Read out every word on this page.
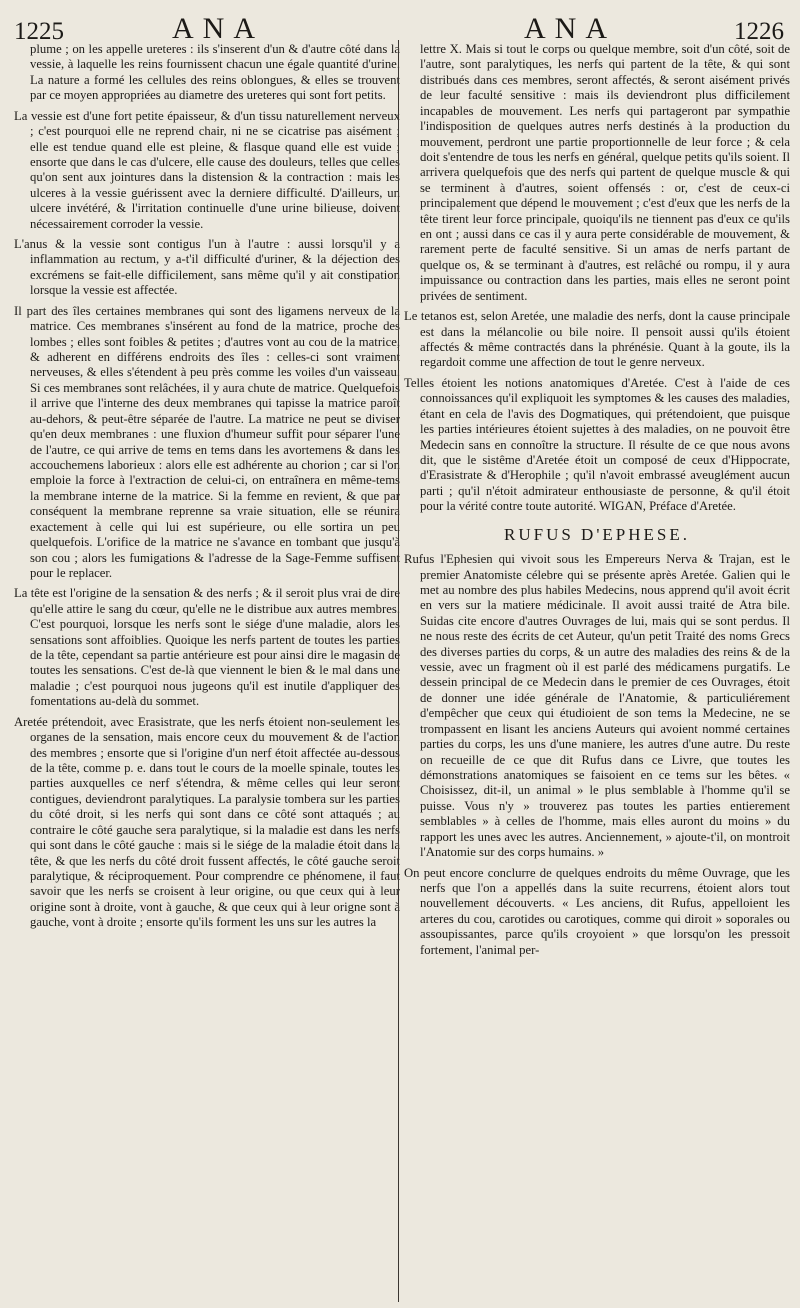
1225	ANA	ANA	1226

plume ; on les appelle ureteres : ils s'inserent d'un & d'autre côté dans la vessie, à laquelle les reins fournissent chacun une égale quantité d'urine. La nature a formé les cellules des reins oblongues, & elles se trouvent par ce moyen appropriées au diametre des ureteres qui sont fort petits.

La vessie est d'une fort petite épaisseur, & d'un tissu naturellement nerveux ; c'est pourquoi elle ne reprend chair, ni ne se cicatrise pas aisément ; elle est tendue quand elle est pleine, & flasque quand elle est vuide ; ensorte que dans le cas d'ulcere, elle cause des douleurs, telles que celles qu'on sent aux jointures dans la distension & la contraction : mais les ulceres à la vessie guérissent avec la derniere difficulté. D'ailleurs, un ulcere invétéré, & l'irritation continuelle d'une urine bilieuse, doivent nécessairement corroder la vessie.

L'anus & la vessie sont contigus l'un à l'autre : aussi lorsqu'il y a inflammation au rectum, y a-t'il difficulté d'uriner, & la déjection des excrémens se fait-elle difficilement, sans même qu'il y ait constipation lorsque la vessie est affectée.

Il part des îles certaines membranes qui sont des ligamens nerveux de la matrice. Ces membranes s'insérent au fond de la matrice, proche des lombes ; elles sont foibles & petites ; d'autres vont au cou de la matrice, & adherent en différens endroits des îles : celles-ci sont vraiment nerveuses, & elles s'étendent à peu près comme les voiles d'un vaisseau. Si ces membranes sont relâchées, il y aura chute de matrice. Quelquefois il arrive que l'interne des deux membranes qui tapisse la matrice paroît au-dehors, & peut-être séparée de l'autre. La matrice ne peut se diviser qu'en deux membranes : une fluxion d'humeur suffit pour séparer l'une de l'autre, ce qui arrive de tems en tems dans les avortemens & dans les accouchemens laborieux : alors elle est adhérente au chorion ; car si l'on emploie la force à l'extraction de celui-ci, on entraînera en même-tems la membrane interne de la matrice. Si la femme en revient, & que par conséquent la membrane reprenne sa vraie situation, elle se réunira exactement à celle qui lui est supérieure, ou elle sortira un peu quelquefois. L'orifice de la matrice ne s'avance en tombant que jusqu'à son cou ; alors les fumigations & l'adresse de la Sage-Femme suffisent pour le replacer.

La tête est l'origine de la sensation & des nerfs ; & il seroit plus vrai de dire qu'elle attire le sang du cœur, qu'elle ne le distribue aux autres membres. C'est pourquoi, lorsque les nerfs sont le siége d'une maladie, alors les sensations sont affoiblies. Quoique les nerfs partent de toutes les parties de la tête, cependant sa partie antérieure est pour ainsi dire le magasin de toutes les sensations. C'est de-là que viennent le bien & le mal dans une maladie ; c'est pourquoi nous jugeons qu'il est inutile d'appliquer des fomentations au-delà du sommet.

Aretée prétendoit, avec Erasistrate, que les nerfs étoient non-seulement les organes de la sensation, mais encore ceux du mouvement & de l'action des membres ; ensorte que si l'origine d'un nerf étoit affectée au-dessous de la tête, comme p. e. dans tout le cours de la moelle spinale, toutes les parties auxquelles ce nerf s'étendra, & même celles qui leur seront contigues, deviendront paralytiques. La paralysie tombera sur les parties du côté droit, si les nerfs qui sont dans ce côté sont attaqués ; au contraire le côté gauche sera paralytique, si la maladie est dans les nerfs qui sont dans le côté gauche : mais si le siége de la maladie étoit dans la tête, & que les nerfs du côté droit fussent affectés, le côté gauche seroit paralytique, & réciproquement. Pour comprendre ce phénomene, il faut savoir que les nerfs se croisent à leur origine, ou que ceux qui à leur origine sont à droite, vont à gauche, & que ceux qui à leur origne sont à gauche, vont à droite ; ensorte qu'ils forment les uns sur les autres la

lettre X. Mais si tout le corps ou quelque membre, soit d'un côté, soit de l'autre, sont paralytiques, les nerfs qui partent de la tête, & qui sont distribués dans ces membres, seront affectés, & seront aisément privés de leur faculté sensitive : mais ils deviendront plus difficilement incapables de mouvement. Les nerfs qui partageront par sympathie l'indisposition de quelques autres nerfs destinés à la production du mouvement, perdront une partie proportionnelle de leur force ; & cela doit s'entendre de tous les nerfs en général, quelque petits qu'ils soient. Il arrivera quelquefois que des nerfs qui partent de quelque muscle & qui se terminent à d'autres, soient offensés : or, c'est de ceux-ci principalement que dépend le mouvement ; c'est d'eux que les nerfs de la tête tirent leur force principale, quoiqu'ils ne tiennent pas d'eux ce qu'ils en ont ; aussi dans ce cas il y aura perte considérable de mouvement, & rarement perte de faculté sensitive. Si un amas de nerfs partant de quelque os, & se terminant à d'autres, est relâché ou rompu, il y aura impuissance ou contraction dans les parties, mais elles ne seront point privées de sentiment.

Le tetanos est, selon Aretée, une maladie des nerfs, dont la cause principale est dans la mélancolie ou bile noire. Il pensoit aussi qu'ils étoient affectés & même contractés dans la phrénésie. Quant à la goute, ils la regardoit comme une affection de tout le genre nerveux.

Telles étoient les notions anatomiques d'Aretée. C'est à l'aide de ces connoissances qu'il expliquoit les symptomes & les causes des maladies, étant en cela de l'avis des Dogmatiques, qui prétendoient, que puisque les parties intérieures étoient sujettes à des maladies, on ne pouvoit être Medecin sans en connoître la structure. Il résulte de ce que nous avons dit, que le sistême d'Aretée étoit un composé de ceux d'Hippocrate, d'Erasistrate & d'Herophile ; qu'il n'avoit embrassé aveuglément aucun parti ; qu'il n'étoit admirateur enthousiaste de personne, & qu'il étoit pour la vérité contre toute autorité. WIGAN, Préface d'Aretée.

RUFUS D'EPHESE.

Rufus l'Ephesien qui vivoit sous les Empereurs Nerva & Trajan, est le premier Anatomiste célebre qui se présente après Aretée. Galien qui le met au nombre des plus habiles Medecins, nous apprend qu'il avoit écrit en vers sur la matiere médicinale. Il avoit aussi traité de Atra bile. Suidas cite encore d'autres Ouvrages de lui, mais qui se sont perdus. Il ne nous reste des écrits de cet Auteur, qu'un petit Traité des noms Grecs des diverses parties du corps, & un autre des maladies des reins & de la vessie, avec un fragment où il est parlé des médicamens purgatifs. Le dessein principal de ce Medecin dans le premier de ces Ouvrages, étoit de donner une idée générale de l'Anatomie, & particuliérement d'empêcher que ceux qui étudioient de son tems la Medecine, ne se trompassent en lisant les anciens Auteurs qui avoient nommé certaines parties du corps, les uns d'une maniere, les autres d'une autre. Du reste on recueille de ce que dit Rufus dans ce Livre, que toutes les démonstrations anatomiques se faisoient en ce tems sur les bêtes. « Choisissez, dit-il, un animal » le plus semblable à l'homme qu'il se puisse. Vous n'y » trouverez pas toutes les parties entierement semblables » à celles de l'homme, mais elles auront du moins » du rapport les unes avec les autres. Anciennement, » ajoute-t'il, on montroit l'Anatomie sur des corps humains. »

On peut encore conclurre de quelques endroits du même Ouvrage, que les nerfs que l'on a appellés dans la suite recurrens, étoient alors tout nouvellement découverts. « Les anciens, dit Rufus, appelloient les arteres du cou, carotides ou carotiques, comme qui diroit » soporales ou assoupissantes, parce qu'ils croyoient » que lorsqu'on les pressoit fortement, l'animal per-
